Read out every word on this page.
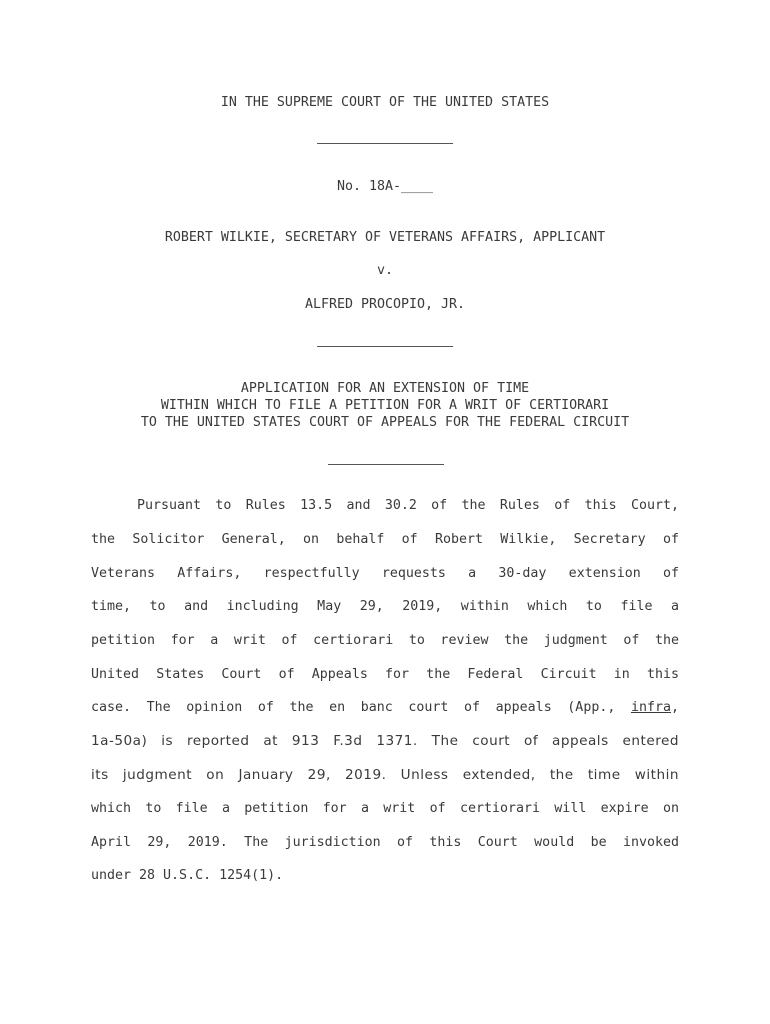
IN THE SUPREME COURT OF THE UNITED STATES
No. 18A-____
ROBERT WILKIE, SECRETARY OF VETERANS AFFAIRS, APPLICANT
v.
ALFRED PROCOPIO, JR.
APPLICATION FOR AN EXTENSION OF TIME
WITHIN WHICH TO FILE A PETITION FOR A WRIT OF CERTIORARI
TO THE UNITED STATES COURT OF APPEALS FOR THE FEDERAL CIRCUIT
Pursuant to Rules 13.5 and 30.2 of the Rules of this Court,
the Solicitor General, on behalf of Robert Wilkie, Secretary of
Veterans Affairs, respectfully requests a 30-day extension of
time, to and including May 29, 2019, within which to file a
petition for a writ of certiorari to review the judgment of the
United States Court of Appeals for the Federal Circuit in this
case. The opinion of the en banc court of appeals (App., infra,
1a-50a) is reported at 913 F.3d 1371. The court of appeals entered
its judgment on January 29, 2019. Unless extended, the time within
which to file a petition for a writ of certiorari will expire on
April 29, 2019. The jurisdiction of this Court would be invoked
under 28 U.S.C. 1254(1).
